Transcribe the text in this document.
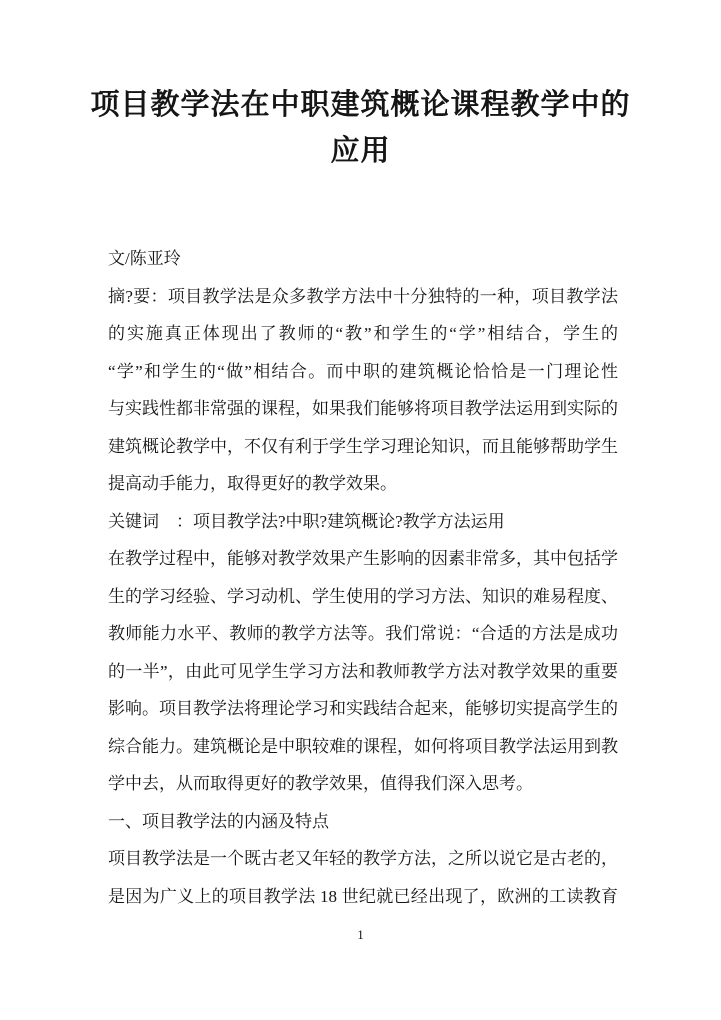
项目教学法在中职建筑概论课程教学中的
应用

文/陈亚玲

摘?要：项目教学法是众多教学方法中十分独特的一种，项目教学法

的实施真正体现出了教师的“教”和学生的“学”相结合，学生的

“学”和学生的“做”相结合。而中职的建筑概论恰恰是一门理论性

与实践性都非常强的课程，如果我们能够将项目教学法运用到实际的

建筑概论教学中，不仅有利于学生学习理论知识，而且能够帮助学生

提高动手能力，取得更好的教学效果。

关键词　：项目教学法?中职?建筑概论?教学方法运用

在教学过程中，能够对教学效果产生影响的因素非常多，其中包括学

生的学习经验、学习动机、学生使用的学习方法、知识的难易程度、

教师能力水平、教师的教学方法等。我们常说：“合适的方法是成功

的一半”，由此可见学生学习方法和教师教学方法对教学效果的重要

影响。项目教学法将理论学习和实践结合起来，能够切实提高学生的

综合能力。建筑概论是中职较难的课程，如何将项目教学法运用到教

学中去，从而取得更好的教学效果，值得我们深入思考。

一、项目教学法的内涵及特点

项目教学法是一个既古老又年轻的教学方法，之所以说它是古老的，

是因为广义上的项目教学法 18 世纪就已经出现了，欧洲的工读教育

1
